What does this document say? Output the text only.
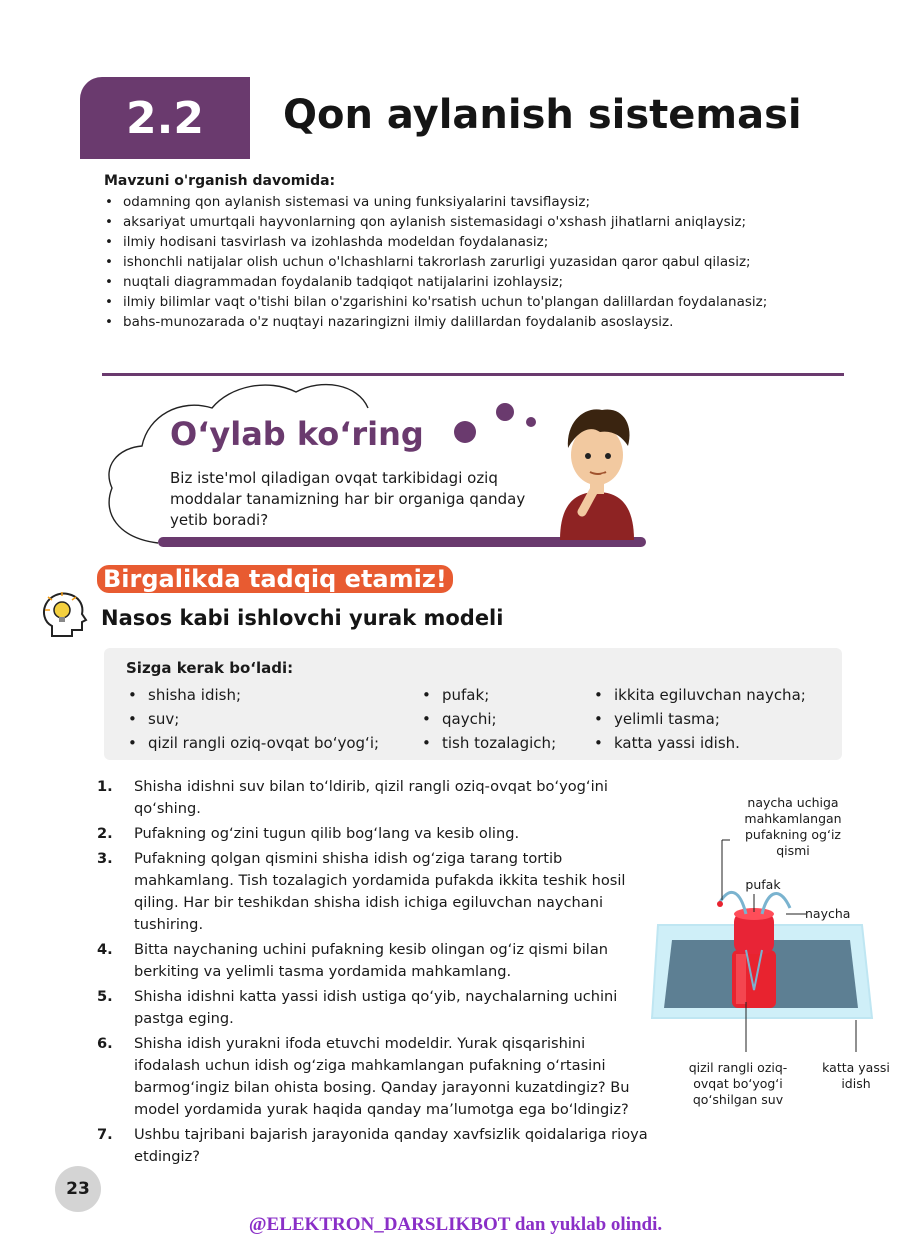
2.2	Qon aylanish sistemasi
Mavzuni o'rganish davomida:
• odamning qon aylanish sistemasi va uning funksiyalarini tavsiflaysiz;
• aksariyat umurtqali hayvonlarning qon aylanish sistemasidagi o'xshash jihatlarni aniqlaysiz;
• ilmiy hodisani tasvirlash va izohlashda modeldan foydalanasiz;
• ishonchli natijalar olish uchun o'lchashlarni takrorlash zarurligi yuzasidan qaror qabul qilasiz;
• nuqtali diagrammadan foydalanib tadqiqot natijalarini izohlaysiz;
• ilmiy bilimlar vaqt o'tishi bilan o'zgarishini ko'rsatish uchun to'plangan dalillardan foydalanasiz;
• bahs-munozarada o'z nuqtayi nazaringizni ilmiy dalillardan foydalanib asoslaysiz.
O‘ylab ko‘ring
Biz iste'mol qiladigan ovqat tarkibidagi oziq moddalar tanamizning har bir organiga qanday yetib boradi?
Birgalikda tadqiq etamiz!
Nasos kabi ishlovchi yurak modeli
Sizga kerak bo‘ladi:
• shisha idish;
• suv;
• qizil rangli oziq-ovqat bo‘yog‘i;
• pufak;
• qaychi;
• tish tozalagich;
• ikkita egiluvchan naycha;
• yelimli tasma;
• katta yassi idish.
1. Shisha idishni suv bilan to‘ldirib, qizil rangli oziq-ovqat bo‘yog‘ini qo‘shing.
2. Pufakning og‘zini tugun qilib bog‘lang va kesib oling.
3. Pufakning qolgan qismini shisha idish og‘ziga tarang tortib mahkamlang. Tish tozalagich yordamida pufakda ikkita teshik hosil qiling. Har bir teshikdan shisha idish ichiga egiluvchan naychani tushiring.
4. Bitta naychaning uchini pufakning kesib olingan og‘iz qismi bilan berkiting va yelimli tasma yordamida mahkamlang.
5. Shisha idishni katta yassi idish ustiga qo‘yib, naychalarning uchini pastga eging.
6. Shisha idish yurakni ifoda etuvchi modeldir. Yurak qisqarishini ifodalash uchun idish og‘ziga mahkamlangan pufakning o‘rtasini barmog‘ingiz bilan ohista bosing. Qanday jarayonni kuzatdingiz? Bu model yordamida yurak haqida qanday ma’lumotga ega bo‘ldingiz?
7. Ushbu tajribani bajarish jarayonida qanday xavfsizlik qoidalariga rioya etdingiz?
naycha uchiga mahkamlangan pufakning og‘iz qismi
pufak
naycha
qizil rangli oziq-ovqat bo‘yog‘i qo‘shilgan suv
katta yassi idish
23
@ELEKTRON_DARSLIKBOT dan yuklab olindi.
